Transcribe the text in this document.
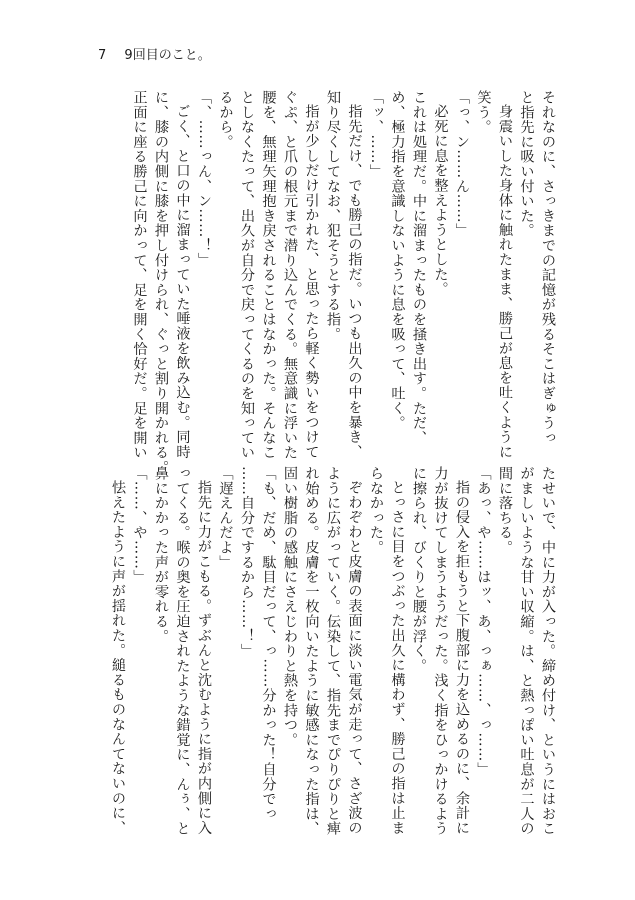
7 9回目のこと。

それなのに、さっきまでの記憶が残るそこはぎゅうっ

と指先に吸い付いた。

身震いした身体に触れたまま、勝己が息を吐くように

笑う。

「っ、ン……ん……」

必死に息を整えようとした。

これは処理だ。中に溜まったものを掻き出す。ただ、

め、極力指を意識しないように息を吸って、吐く。

「ッ、……」

指先だけ、でも勝己の指だ。いつも出久の中を暴き、

知り尽くしてなお、犯そうとする指。

指が少しだけ引かれた、と思ったら軽く勢いをつけて

ぐぷ、と爪の根元まで潜り込んでくる。無意識に浮いた

腰を、無理矢理抱き戻されることはなかった。そんなこ

としなくたって、出久が自分で戻ってくるのを知ってい

るから。

「、……っん、ン……！」

ごく、と口の中に溜まっていた唾液を飲み込む。同時

に、膝の内側に膝を押し付けられ、ぐっと割り開かれる。

正面に座る勝己に向かって、足を開く恰好だ。足を開い

たせいで、中に力が入った。締め付け、というにはおこ

がましいような甘い収縮。は、と熱っぽい吐息が二人の

間に落ちる。

「あっ、や……はッ、あ、っぁ……、っ……」

指の侵入を拒もうと下腹部に力を込めるのに、余計に

力が抜けてしまうようだった。浅く指をひっかけるよう

に擦られ、びくりと腰が浮く。

とっさに目をつぶった出久に構わず、勝己の指は止ま

らなかった。

ぞわぞわと皮膚の表面に淡い電気が走って、さざ波の

ように広がっていく。伝染して、指先までぴりぴりと痺

れ始める。皮膚を一枚向いたように敏感になった指は、

固い樹脂の感触にさえじわりと熱を持つ。

「も、だめ、駄目だって、っ……分かった！自分でっ

……自分でするから……！」

「遅えんだよ」

指先に力がこもる。ずぶんと沈むように指が内側に入

ってくる。喉の奥を圧迫されたような錯覚に、んぅ、と

鼻にかかった声が零れる。

「……、や……」

怯えたように声が揺れた。縋るものなんてないのに、
